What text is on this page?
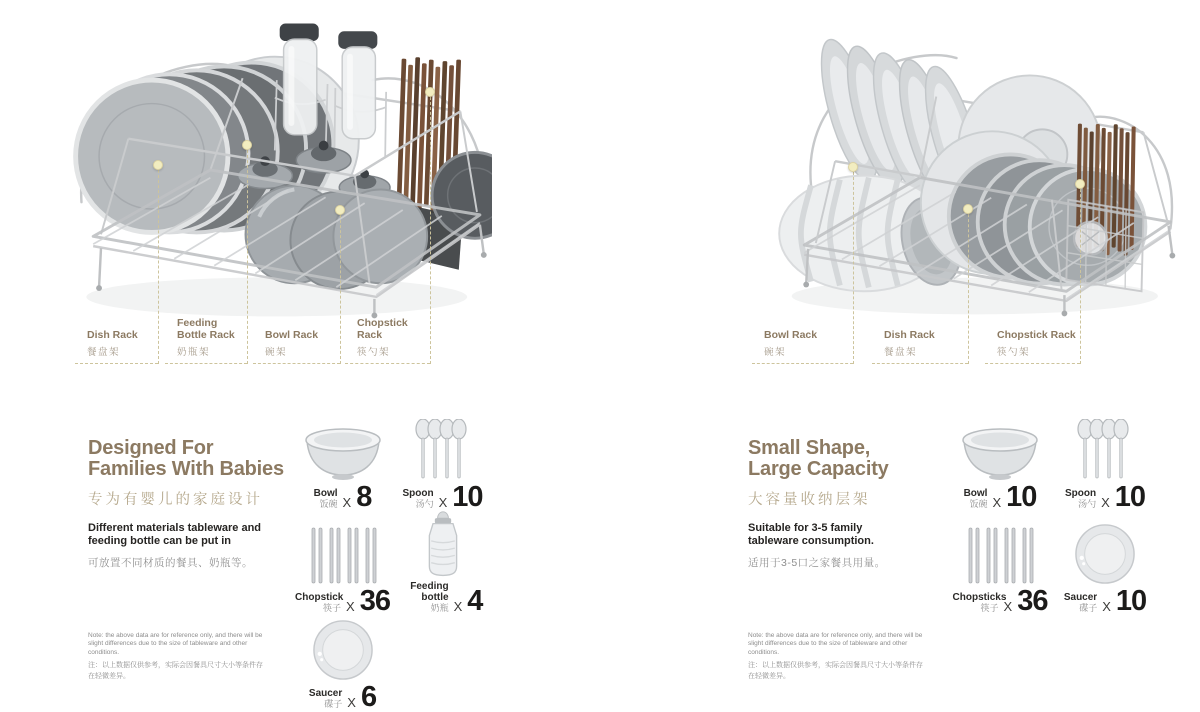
Dish Rack
餐盘架
Feeding
Bottle Rack
奶瓶架
Bowl Rack
碗架
Chopstick Rack
筷勺架
Bowl Rack
碗架
Dish Rack
餐盘架
Chopstick Rack
筷勺架
Designed For
Families With Babies
专为有婴儿的家庭设计
Different materials tableware and feeding bottle can be put in
可放置不同材质的餐具、奶瓶等。
Note: the above data are for reference only, and there will be slight differences due to the size of tableware and other conditions.
注：以上数据仅供参考，实际会因餐具尺寸大小等条件存在轻微差异。
Bowl
饭碗 X 8	Spoon
汤勺 X 10
Chopstick
筷子 X 36	Feeding bottle
奶瓶 X 4
Saucer
碟子 X 6
Small Shape,
Large Capacity
大容量收纳层架
Suitable for 3-5 family tableware consumption.
适用于3-5口之家餐具用量。
Note: the above data are for reference only, and there will be slight differences due to the size of tableware and other conditions.
注：以上数据仅供参考，实际会因餐具尺寸大小等条件存在轻微差异。
Bowl
饭碗 X 10	Spoon
汤勺 X 10
Chopsticks
筷子 X 36 Saucer
碟子 X 10
